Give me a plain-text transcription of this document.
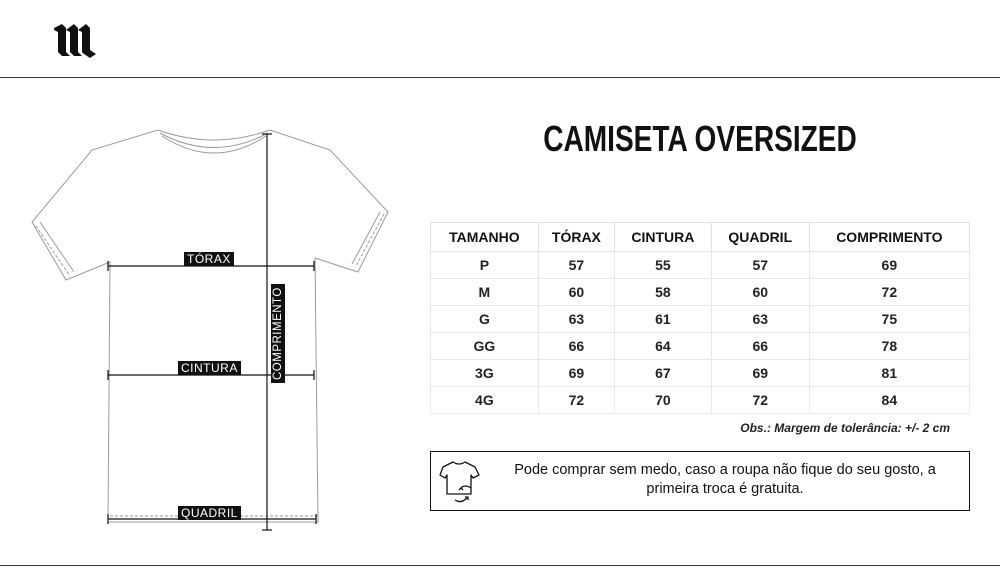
TÓRAX
CINTURA
QUADRIL
COMPRIMENTO
CAMISETA OVERSIZED
TAMANHO	TÓRAX	CINTURA	QUADRIL	COMPRIMENTO
P	57	55	57	69
M	60	58	60	72
G	63	61	63	75
GG	66	64	66	78
3G	69	67	69	81
4G	72	70	72	84
Obs.: Margem de tolerância: +/- 2 cm
Pode comprar sem medo, caso a roupa não fique do seu gosto, a primeira troca é gratuita.
